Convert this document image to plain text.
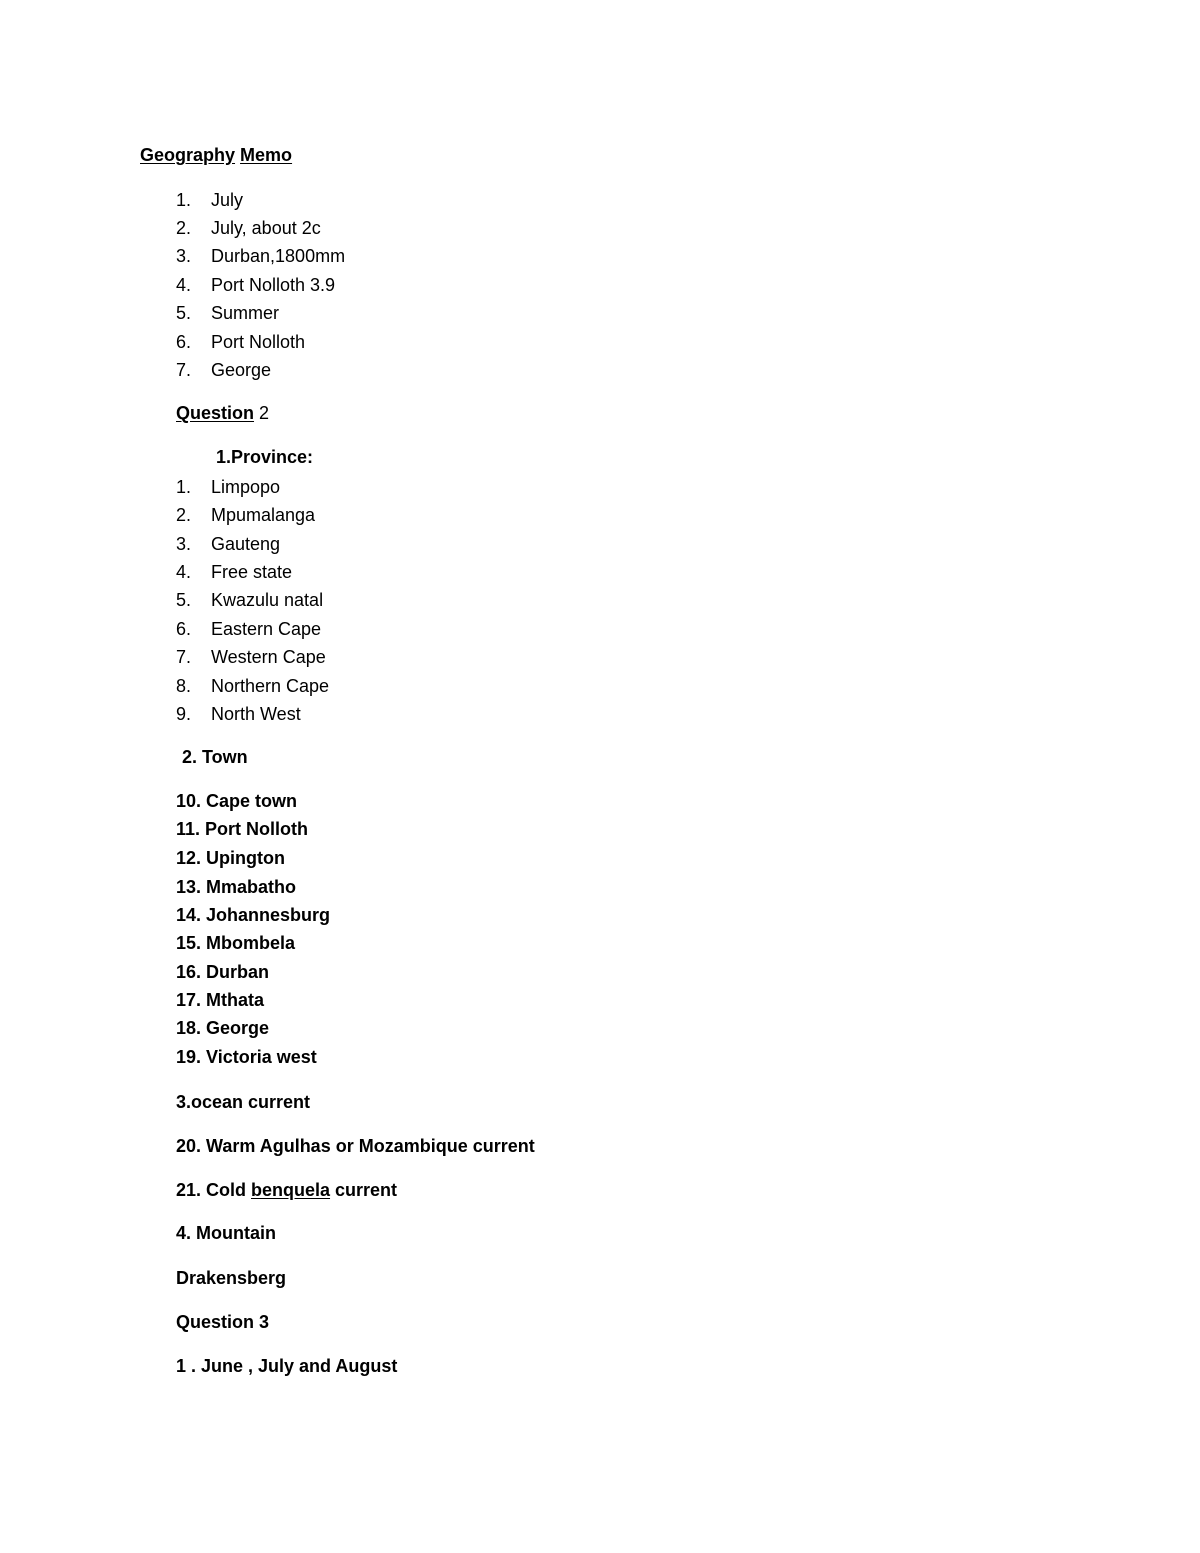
Geography Memo
1. July
2. July, about 2c
3. Durban,1800mm
4. Port Nolloth 3.9
5. Summer
6. Port Nolloth
7. George
Question 2
1.Province:
1. Limpopo
2. Mpumalanga
3. Gauteng
4. Free state
5. Kwazulu natal
6. Eastern Cape
7. Western Cape
8. Northern Cape
9. North West
2. Town
10. Cape town
11. Port Nolloth
12. Upington
13. Mmabatho
14. Johannesburg
15. Mbombela
16. Durban
17. Mthata
18. George
19. Victoria west
3.ocean current
20. Warm Agulhas or Mozambique current
21. Cold benquela current
4. Mountain
Drakensberg
Question 3
1 . June , July and August
